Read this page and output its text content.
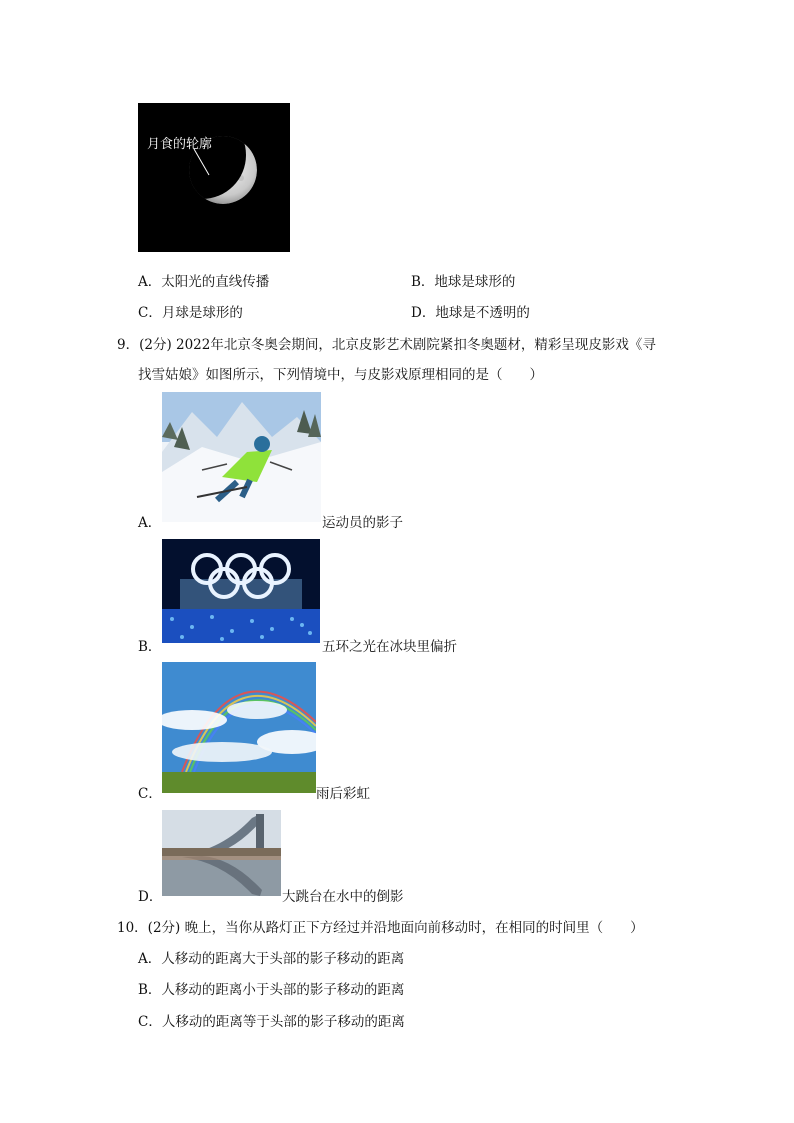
月食的轮廓
A．太阳光的直线传播	B．地球是球形的
C．月球是球形的	D．地球是不透明的
9．(2分) 2022年北京冬奥会期间，北京皮影艺术剧院紧扣冬奥题材，精彩呈现皮影戏《寻
找雪姑娘》如图所示，下列情境中，与皮影戏原理相同的是（　　）
A．	运动员的影子
B．	五环之光在冰块里偏折
C．	雨后彩虹
D．	大跳台在水中的倒影
10．(2分) 晚上，当你从路灯正下方经过并沿地面向前移动时，在相同的时间里（　　）
A．人移动的距离大于头部的影子移动的距离
B．人移动的距离小于头部的影子移动的距离
C．人移动的距离等于头部的影子移动的距离
